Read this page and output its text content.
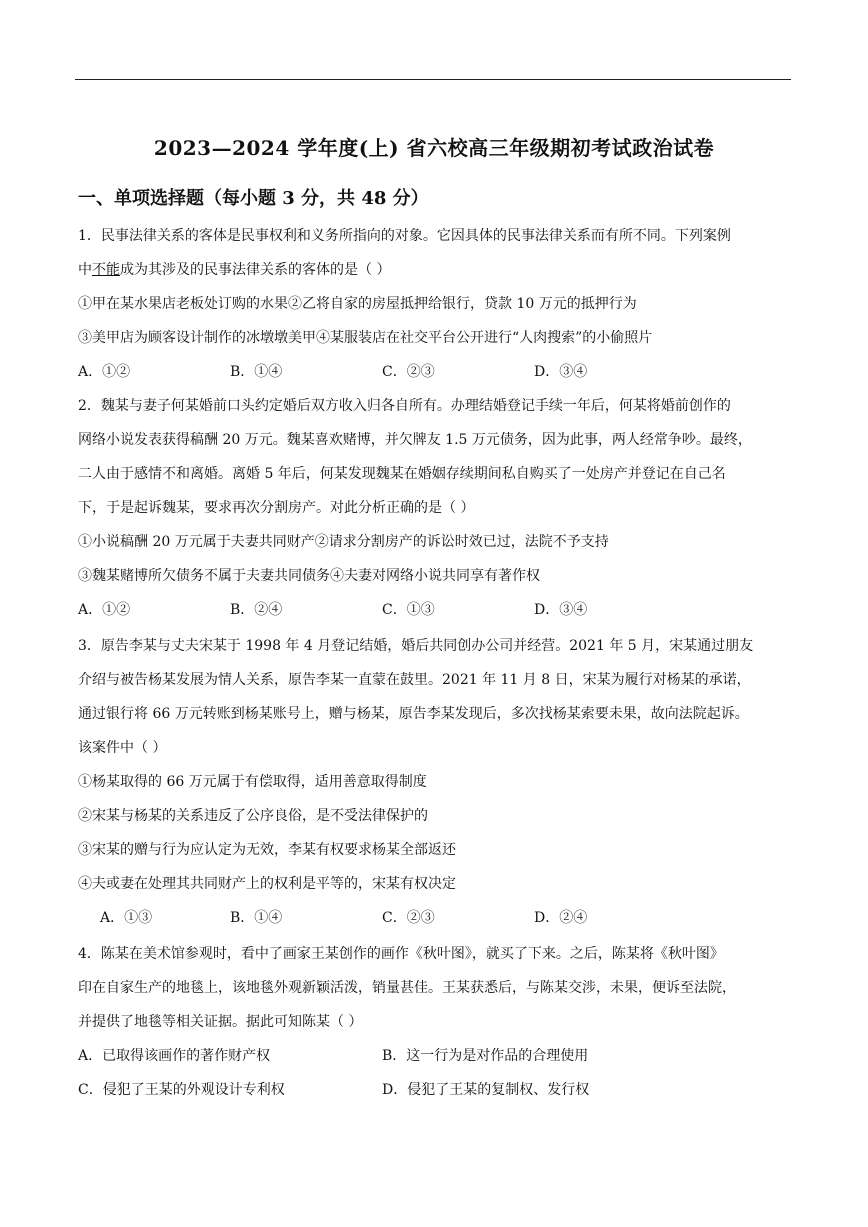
2023—2024 学年度(上) 省六校高三年级期初考试政治试卷
一、单项选择题（每小题 3 分，共 48 分）
1．民事法律关系的客体是民事权利和义务所指向的对象。它因具体的民事法律关系而有所不同。下列案例
中不能成为其涉及的民事法律关系的客体的是（ ）
①甲在某水果店老板处订购的水果②乙将自家的房屋抵押给银行，贷款 10 万元的抵押行为
③美甲店为顾客设计制作的冰墩墩美甲④某服装店在社交平台公开进行“人肉搜索”的小偷照片
A．①②	B．①④	C．②③	D．③④
2．魏某与妻子何某婚前口头约定婚后双方收入归各自所有。办理结婚登记手续一年后，何某将婚前创作的
网络小说发表获得稿酬 20 万元。魏某喜欢赌博，并欠牌友 1.5 万元债务，因为此事，两人经常争吵。最终，
二人由于感情不和离婚。离婚 5 年后，何某发现魏某在婚姻存续期间私自购买了一处房产并登记在自己名
下，于是起诉魏某，要求再次分割房产。对此分析正确的是（ ）
①小说稿酬 20 万元属于夫妻共同财产②请求分割房产的诉讼时效已过，法院不予支持
③魏某赌博所欠债务不属于夫妻共同债务④夫妻对网络小说共同享有著作权
A．①②	B．②④	C．①③	D．③④
3．原告李某与丈夫宋某于 1998 年 4 月登记结婚，婚后共同创办公司并经营。2021 年 5 月，宋某通过朋友
介绍与被告杨某发展为情人关系，原告李某一直蒙在鼓里。2021 年 11 月 8 日，宋某为履行对杨某的承诺，
通过银行将 66 万元转账到杨某账号上，赠与杨某，原告李某发现后，多次找杨某索要未果，故向法院起诉。
该案件中（ ）
①杨某取得的 66 万元属于有偿取得，适用善意取得制度
②宋某与杨某的关系违反了公序良俗，是不受法律保护的
③宋某的赠与行为应认定为无效，李某有权要求杨某全部返还
④夫或妻在处理其共同财产上的权利是平等的，宋某有权决定
A．①③	B．①④	C．②③	D．②④
4．陈某在美术馆参观时，看中了画家王某创作的画作《秋叶图》，就买了下来。之后，陈某将《秋叶图》
印在自家生产的地毯上，该地毯外观新颖活泼，销量甚佳。王某获悉后，与陈某交涉，未果，便诉至法院，
并提供了地毯等相关证据。据此可知陈某（ ）
A．已取得该画作的著作财产权	B．这一行为是对作品的合理使用
C．侵犯了王某的外观设计专利权	D．侵犯了王某的复制权、发行权
